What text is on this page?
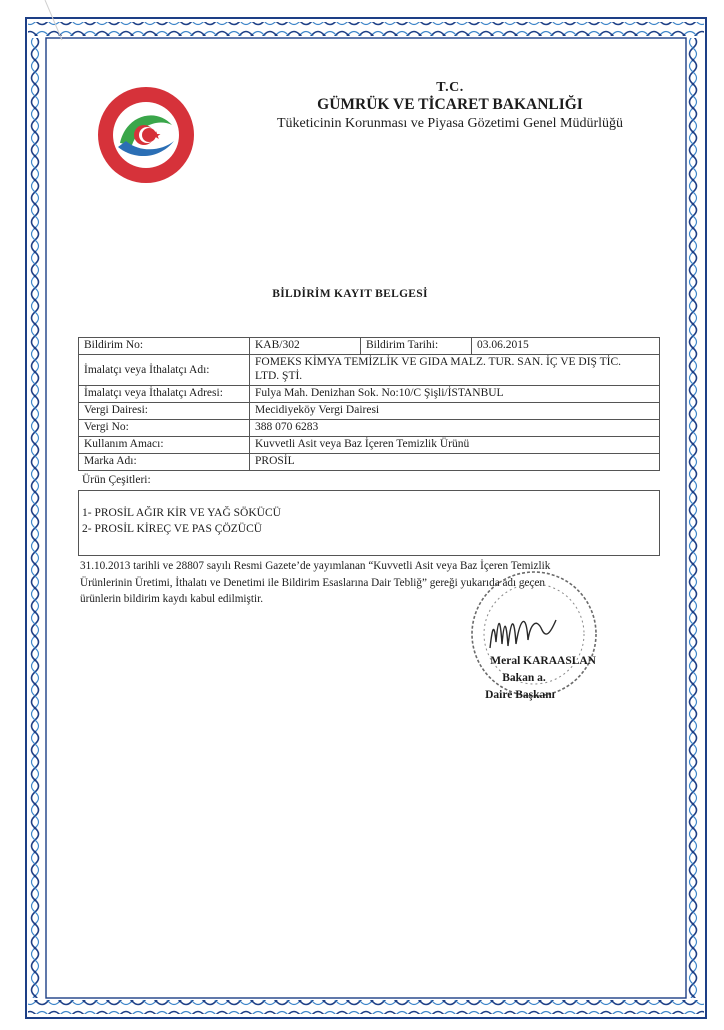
T.C.
GÜMRÜK VE TİCARET BAKANLIĞI
Tüketicinin Korunması ve Piyasa Gözetimi Genel Müdürlüğü
BİLDİRİM KAYIT BELGESİ
Bildirim No:	KAB/302	Bildirim Tarihi:	03.06.2015
İmalatçı veya İthalatçı Adı:	FOMEKS KİMYA TEMİZLİK VE GIDA MALZ. TUR. SAN. İÇ VE DIŞ TİC.
LTD. ŞTİ.		

İmalatçı veya İthalatçı Adresi:	Fulya Mah. Denizhan Sok. No:10/C Şişli/İSTANBUL		
Vergi Dairesi:	Mecidiyeköy Vergi Dairesi		
Vergi No:	388 070 6283		
Kullanım Amacı:	Kuvvetli Asit veya Baz İçeren Temizlik Ürünü		
Marka Adı:	PROSİL		
Ürün Çeşitleri:
1- PROSİL AĞIR KİR VE YAĞ SÖKÜCÜ
2- PROSİL KİREÇ VE PAS ÇÖZÜCÜ
31.10.2013 tarihli ve 28807 sayılı Resmi Gazete’de yayımlanan “Kuvvetli Asit veya Baz İçeren Temizlik
Ürünlerinin Üretimi, İthalatı ve Denetimi ile Bildirim Esaslarına Dair Tebliğ” gereği yukarıda adı geçen
ürünlerin bildirim kaydı kabul edilmiştir.
Meral KARAASLAN
Bakan a.
Daire Başkanı
